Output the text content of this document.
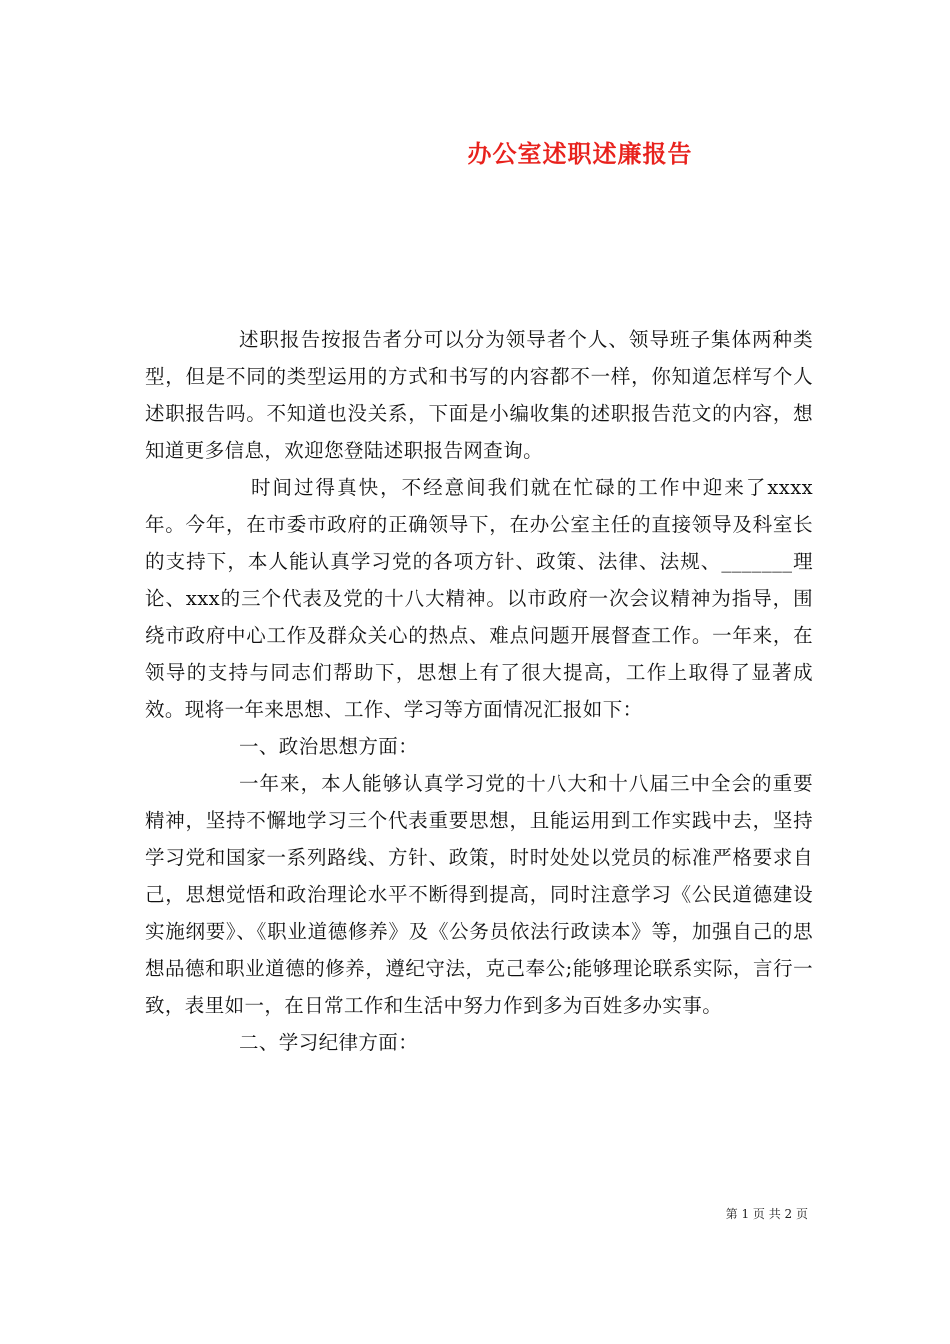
办公室述职述廉报告

述职报告按报告者分可以分为领导者个人、领导班子集体两种类型，但是不同的类型运用的方式和书写的内容都不一样，你知道怎样写个人述职报告吗。不知道也没关系，下面是小编收集的述职报告范文的内容，想知道更多信息，欢迎您登陆述职报告网查询。

时间过得真快，不经意间我们就在忙碌的工作中迎来了xxxx年。今年，在市委市政府的正确领导下，在办公室主任的直接领导及科室长的支持下，本人能认真学习党的各项方针、政策、法律、法规、_______理论、xxx的三个代表及党的十八大精神。以市政府一次会议精神为指导，围绕市政府中心工作及群众关心的热点、难点问题开展督查工作。一年来，在领导的支持与同志们帮助下，思想上有了很大提高，工作上取得了显著成效。现将一年来思想、工作、学习等方面情况汇报如下：

一、政治思想方面：

一年来，本人能够认真学习党的十八大和十八届三中全会的重要精神，坚持不懈地学习三个代表重要思想，且能运用到工作实践中去，坚持学习党和国家一系列路线、方针、政策，时时处处以党员的标准严格要求自己，思想觉悟和政治理论水平不断得到提高，同时注意学习《公民道德建设实施纲要》、《职业道德修养》及《公务员依法行政读本》等，加强自己的思想品德和职业道德的修养，遵纪守法，克己奉公;能够理论联系实际，言行一致，表里如一，在日常工作和生活中努力作到多为百姓多办实事。

二、学习纪律方面：

第 1 页 共 2 页
